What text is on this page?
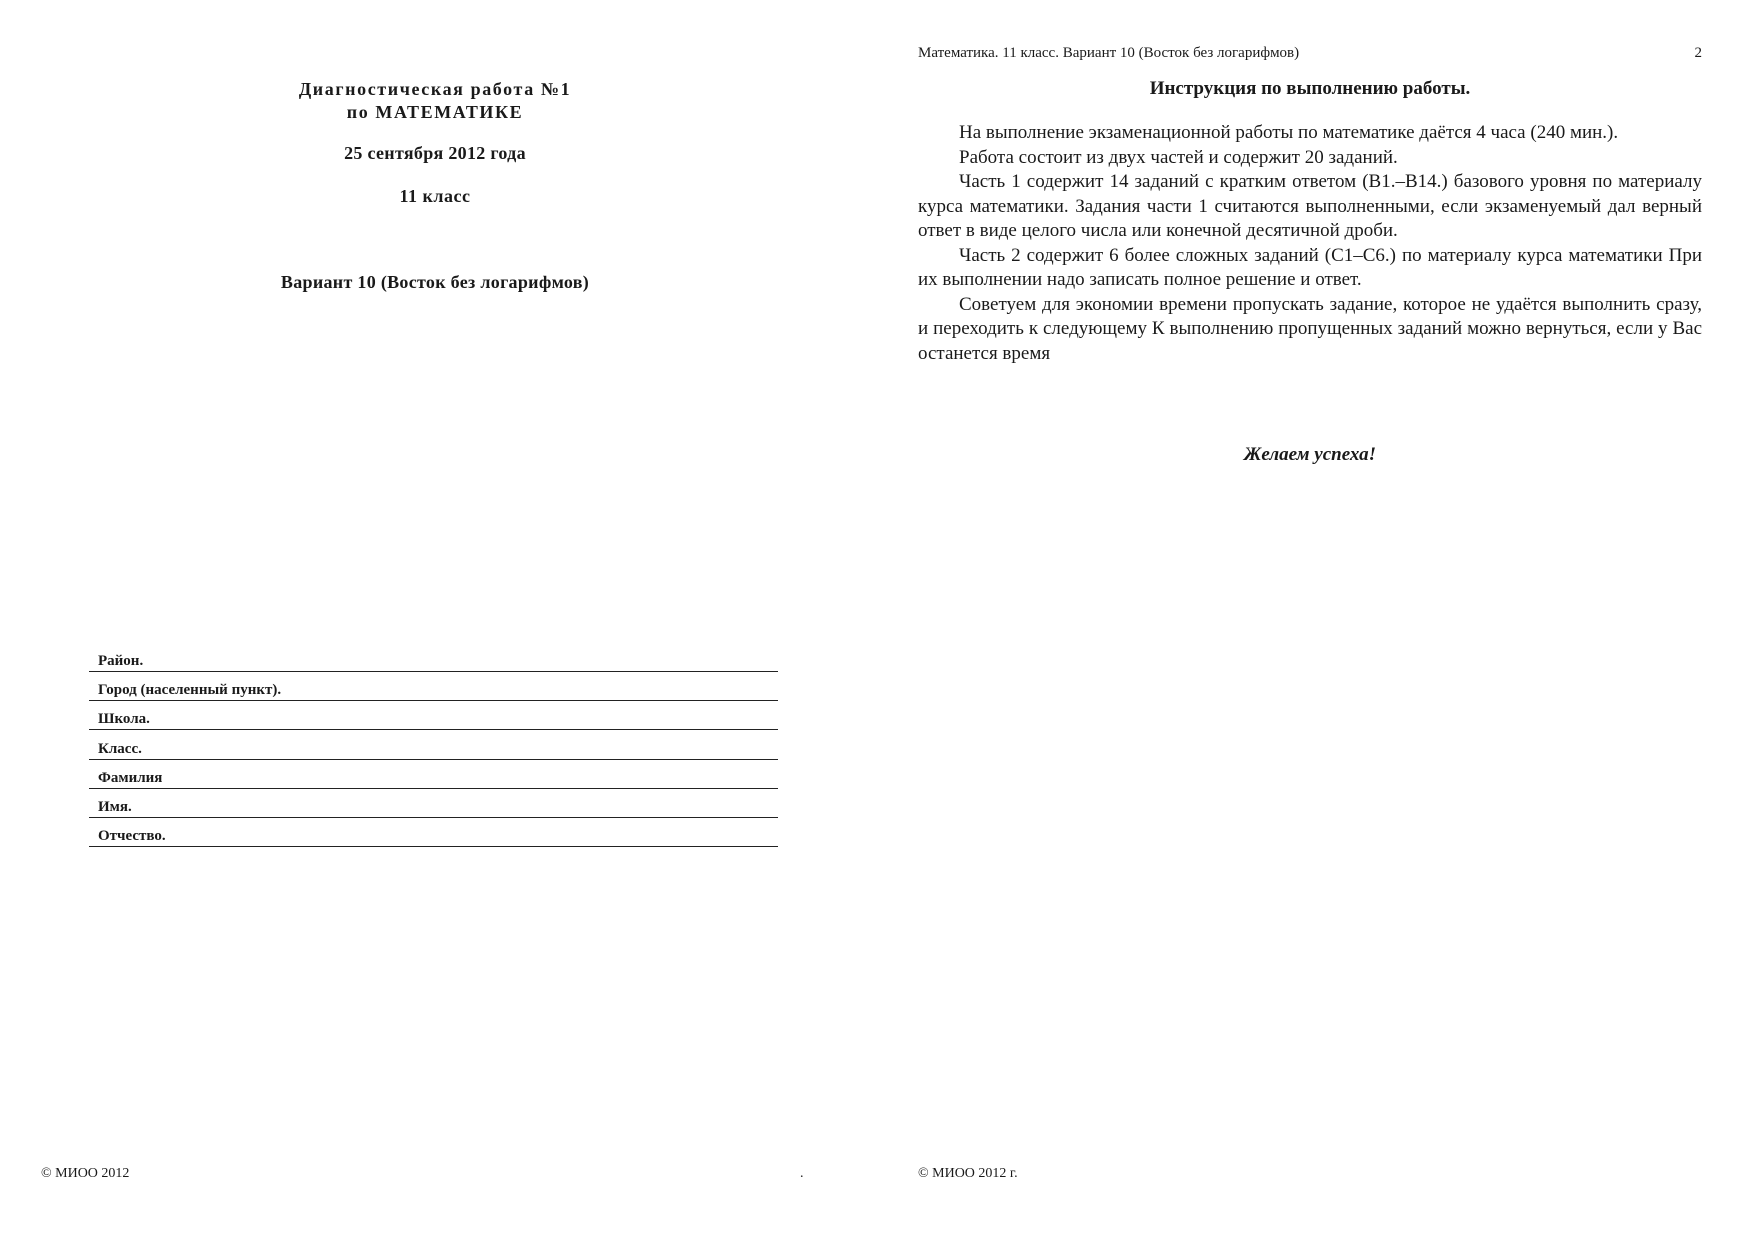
Диагностическая работа №1
по МАТЕМАТИКЕ
25 сентября 2012 года
11 класс
Вариант 10 (Восток без логарифмов)
Район.
Город (населенный пункт).
Школа.
Класс.
Фамилия
Имя.
Отчество.
© МИОО 2012	.
Математика. 11 класс. Вариант 10 (Восток без логарифмов)	2
Инструкция по выполнению работы.

На выполнение экзаменационной работы по математике даётся 4 часа (240 мин.).

Работа состоит из двух частей и содержит 20 заданий.

Часть 1 содержит 14 заданий с кратким ответом (В1.–В14.) базового уровня по материалу курса математики. Задания части 1 считаются выполненными, если экзаменуемый дал верный ответ в виде целого числа или конечной десятичной дроби.

Часть 2 содержит 6 более сложных заданий (С1–С6.) по материалу курса математики При их выполнении надо записать полное решение и ответ.

Советуем для экономии времени пропускать задание, которое не удаётся выполнить сразу, и переходить к следующему К выполнению пропущенных заданий можно вернуться, если у Вас останется время

Желаем успеха!
© МИОО 2012 г.
